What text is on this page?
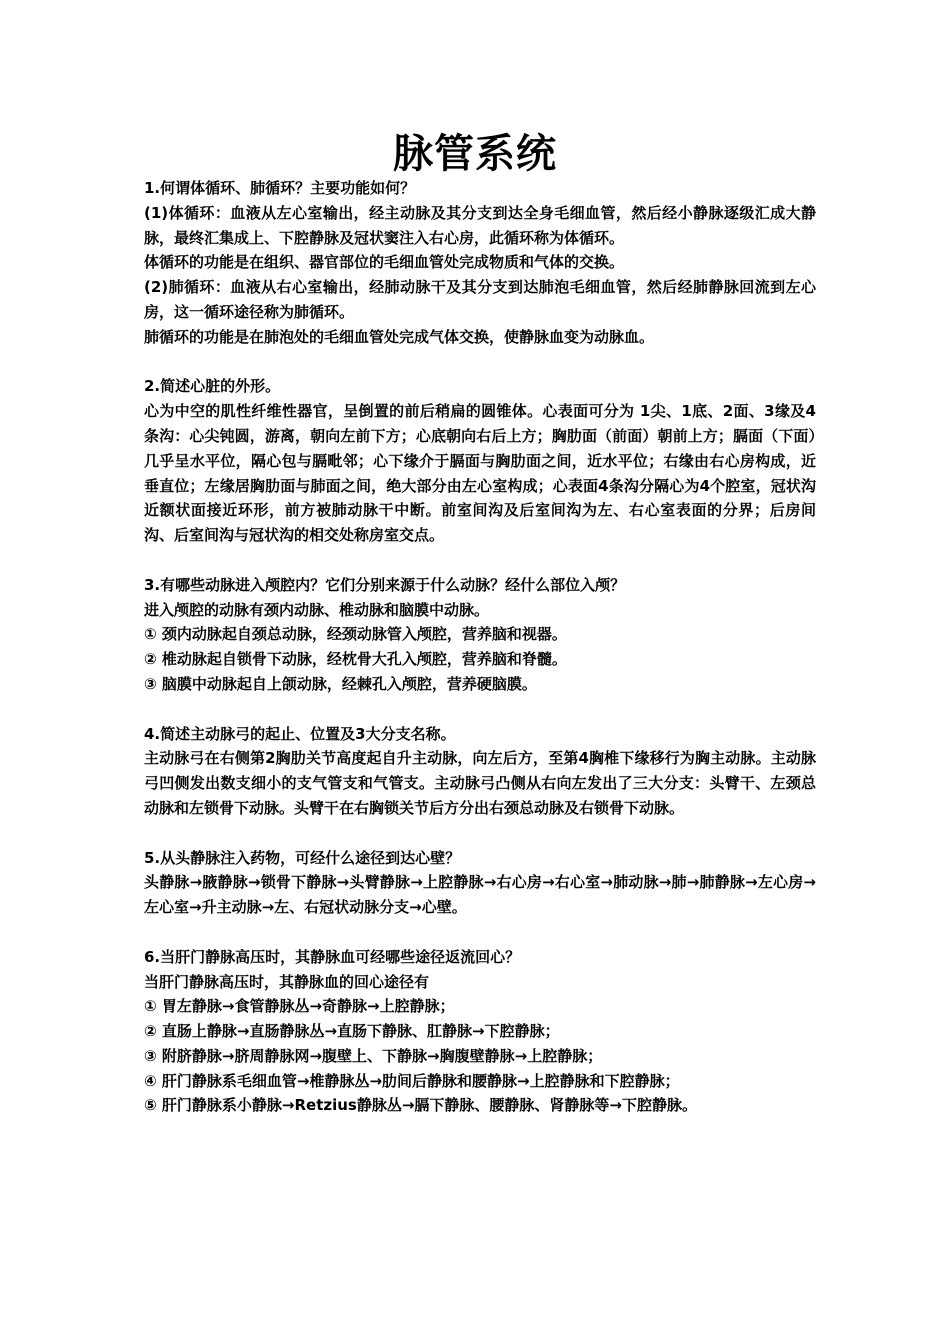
脉管系统
1.何谓体循环、肺循环？主要功能如何？
(1)体循环：血液从左心室输出，经主动脉及其分支到达全身毛细血管，然后经小静脉逐级汇成大静脉，最终汇集成上、下腔静脉及冠状窦注入右心房，此循环称为体循环。
体循环的功能是在组织、器官部位的毛细血管处完成物质和气体的交换。
(2)肺循环：血液从右心室输出，经肺动脉干及其分支到达肺泡毛细血管，然后经肺静脉回流到左心房，这一循环途径称为肺循环。
肺循环的功能是在肺泡处的毛细血管处完成气体交换，使静脉血变为动脉血。
2.简述心脏的外形。
心为中空的肌性纤维性器官，呈倒置的前后稍扁的圆锥体。心表面可分为 1尖、1底、2面、3缘及4条沟：心尖钝圆，游离，朝向左前下方；心底朝向右后上方；胸肋面（前面）朝前上方；膈面（下面）几乎呈水平位，隔心包与膈毗邻；心下缘介于膈面与胸肋面之间，近水平位；右缘由右心房构成，近垂直位；左缘居胸肋面与肺面之间，绝大部分由左心室构成；心表面4条沟分隔心为4个腔室，冠状沟近额状面接近环形，前方被肺动脉干中断。前室间沟及后室间沟为左、右心室表面的分界；后房间沟、后室间沟与冠状沟的相交处称房室交点。
3.有哪些动脉进入颅腔内？它们分别来源于什么动脉？经什么部位入颅？
进入颅腔的动脉有颈内动脉、椎动脉和脑膜中动脉。
① 颈内动脉起自颈总动脉，经颈动脉管入颅腔，营养脑和视器。
② 椎动脉起自锁骨下动脉，经枕骨大孔入颅腔，营养脑和脊髓。
③ 脑膜中动脉起自上颌动脉，经棘孔入颅腔，营养硬脑膜。
4.简述主动脉弓的起止、位置及3大分支名称。
主动脉弓在右侧第2胸肋关节高度起自升主动脉，向左后方，至第4胸椎下缘移行为胸主动脉。主动脉弓凹侧发出数支细小的支气管支和气管支。主动脉弓凸侧从右向左发出了三大分支：头臂干、左颈总动脉和左锁骨下动脉。头臂干在右胸锁关节后方分出右颈总动脉及右锁骨下动脉。
5.从头静脉注入药物，可经什么途径到达心壁？
头静脉→腋静脉→锁骨下静脉→头臂静脉→上腔静脉→右心房→右心室→肺动脉→肺→肺静脉→左心房→左心室→升主动脉→左、右冠状动脉分支→心壁。
6.当肝门静脉高压时，其静脉血可经哪些途径返流回心？
当肝门静脉高压时，其静脉血的回心途径有
① 胃左静脉→食管静脉丛→奇静脉→上腔静脉；
② 直肠上静脉→直肠静脉丛→直肠下静脉、肛静脉→下腔静脉；
③ 附脐静脉→脐周静脉网→腹壁上、下静脉→胸腹壁静脉→上腔静脉；
④ 肝门静脉系毛细血管→椎静脉丛→肋间后静脉和腰静脉→上腔静脉和下腔静脉；
⑤ 肝门静脉系小静脉→Retzius静脉丛→膈下静脉、腰静脉、肾静脉等→下腔静脉。
